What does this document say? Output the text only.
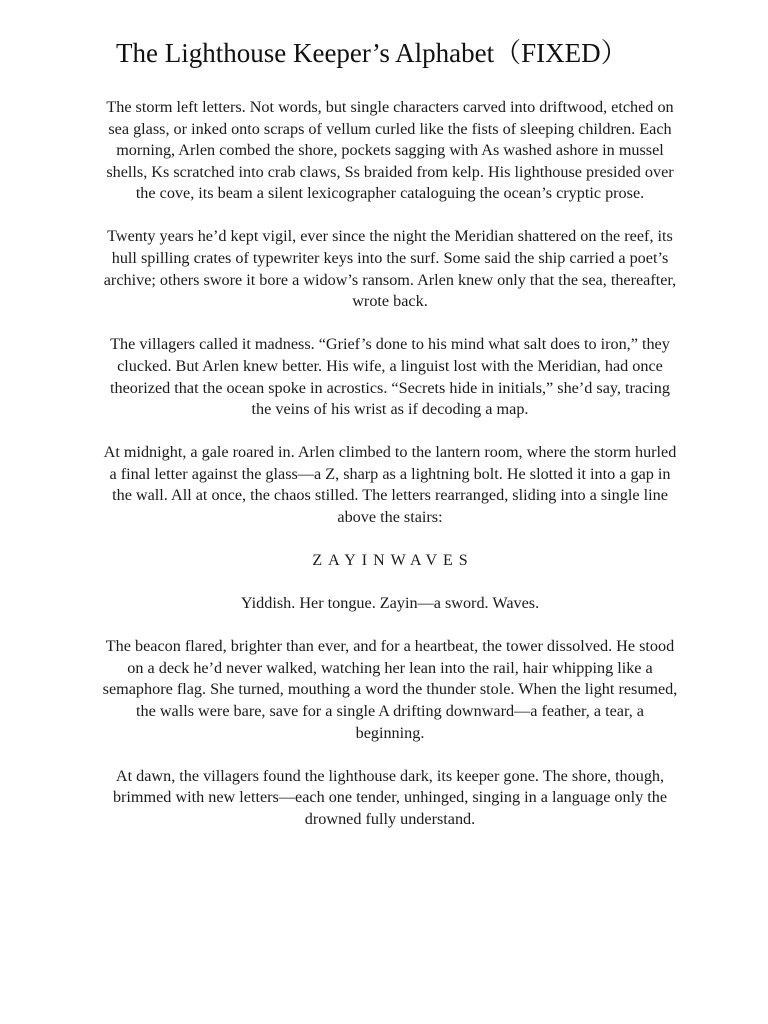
The Lighthouse Keeper’s Alphabet（FIXED）

The storm left letters. Not words, but single characters carved into driftwood, etched on sea glass, or inked onto scraps of vellum curled like the fists of sleeping children. Each morning, Arlen combed the shore, pockets sagging with As washed ashore in mussel shells, Ks scratched into crab claws, Ss braided from kelp. His lighthouse presided over the cove, its beam a silent lexicographer cataloguing the ocean’s cryptic prose.

Twenty years he’d kept vigil, ever since the night the Meridian shattered on the reef, its hull spilling crates of typewriter keys into the surf. Some said the ship carried a poet’s archive; others swore it bore a widow’s ransom. Arlen knew only that the sea, thereafter, wrote back.

The villagers called it madness. “Grief’s done to his mind what salt does to iron,” they clucked. But Arlen knew better. His wife, a linguist lost with the Meridian, had once theorized that the ocean spoke in acrostics. “Secrets hide in initials,” she’d say, tracing the veins of his wrist as if decoding a map.

At midnight, a gale roared in. Arlen climbed to the lantern room, where the storm hurled a final letter against the glass—a Z, sharp as a lightning bolt. He slotted it into a gap in the wall. All at once, the chaos stilled. The letters rearranged, sliding into a single line above the stairs:

ZAYINWAVES

Yiddish. Her tongue. Zayin—a sword. Waves.

The beacon flared, brighter than ever, and for a heartbeat, the tower dissolved. He stood on a deck he’d never walked, watching her lean into the rail, hair whipping like a semaphore flag. She turned, mouthing a word the thunder stole. When the light resumed, the walls were bare, save for a single A drifting downward—a feather, a tear, a beginning.

At dawn, the villagers found the lighthouse dark, its keeper gone. The shore, though, brimmed with new letters—each one tender, unhinged, singing in a language only the drowned fully understand.
